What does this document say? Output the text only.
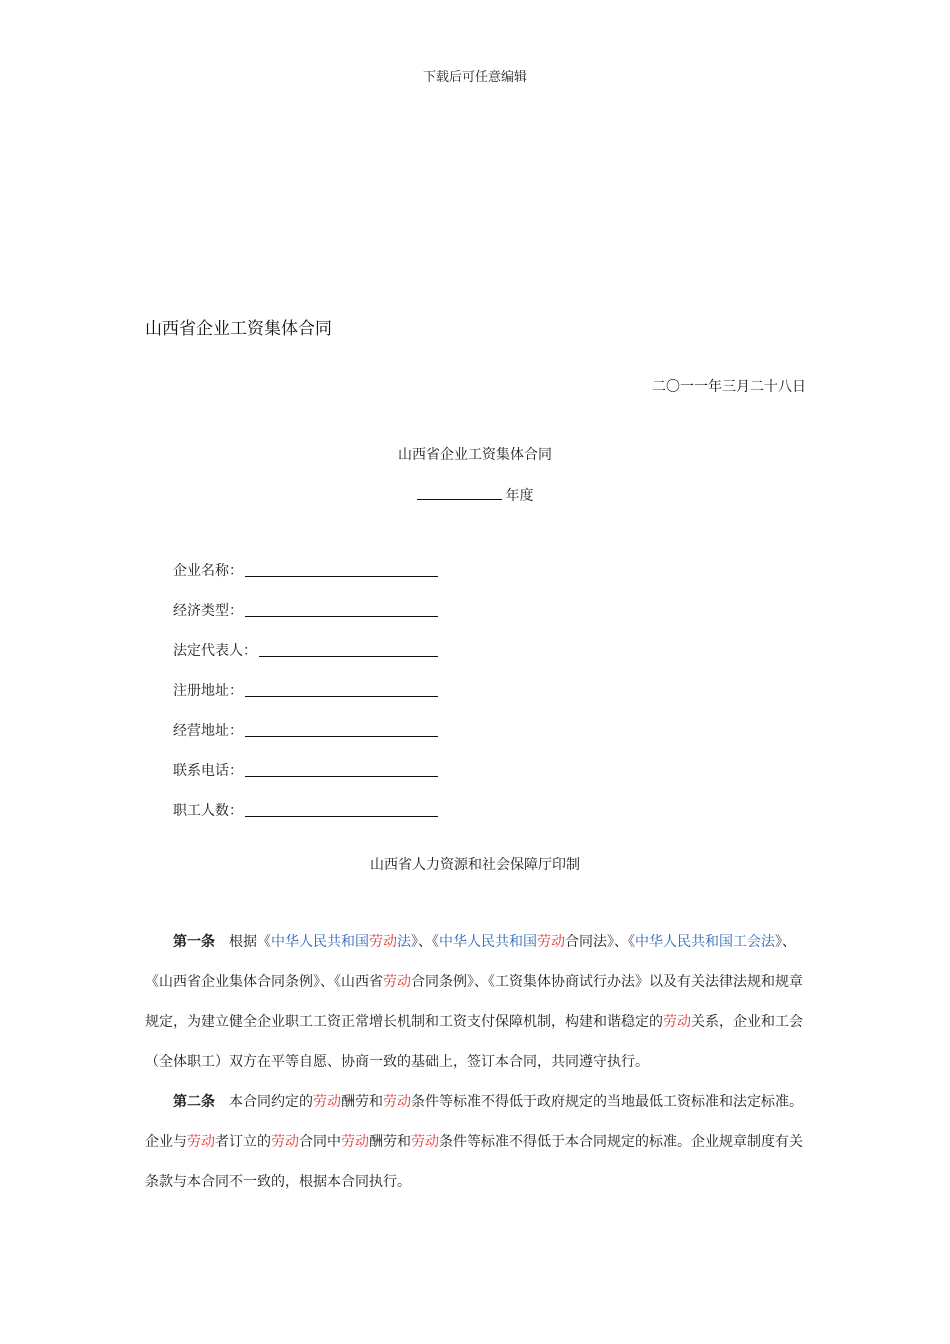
下载后可任意编辑
山西省企业工资集体合同
二〇一一年三月二十八日
山西省企业工资集体合同
年度
企业名称：
经济类型：
法定代表人：
注册地址：
经营地址：
联系电话：
职工人数：
山西省人力资源和社会保障厅印制

第一条 根据《中华人民共和国劳动法》、《中华人民共和国劳动合同法》、《中华人民共和国工会法》、《山西省企业集体合同条例》、《山西省劳动合同条例》、《工资集体协商试行办法》以及有关法律法规和规章规定，为建立健全企业职工工资正常增长机制和工资支付保障机制，构建和谐稳定的劳动关系，企业和工会（全体职工）双方在平等自愿、协商一致的基础上，签订本合同，共同遵守执行。

第二条 本合同约定的劳动酬劳和劳动条件等标准不得低于政府规定的当地最低工资标准和法定标准。企业与劳动者订立的劳动合同中劳动酬劳和劳动条件等标准不得低于本合同规定的标准。企业规章制度有关条款与本合同不一致的，根据本合同执行。
